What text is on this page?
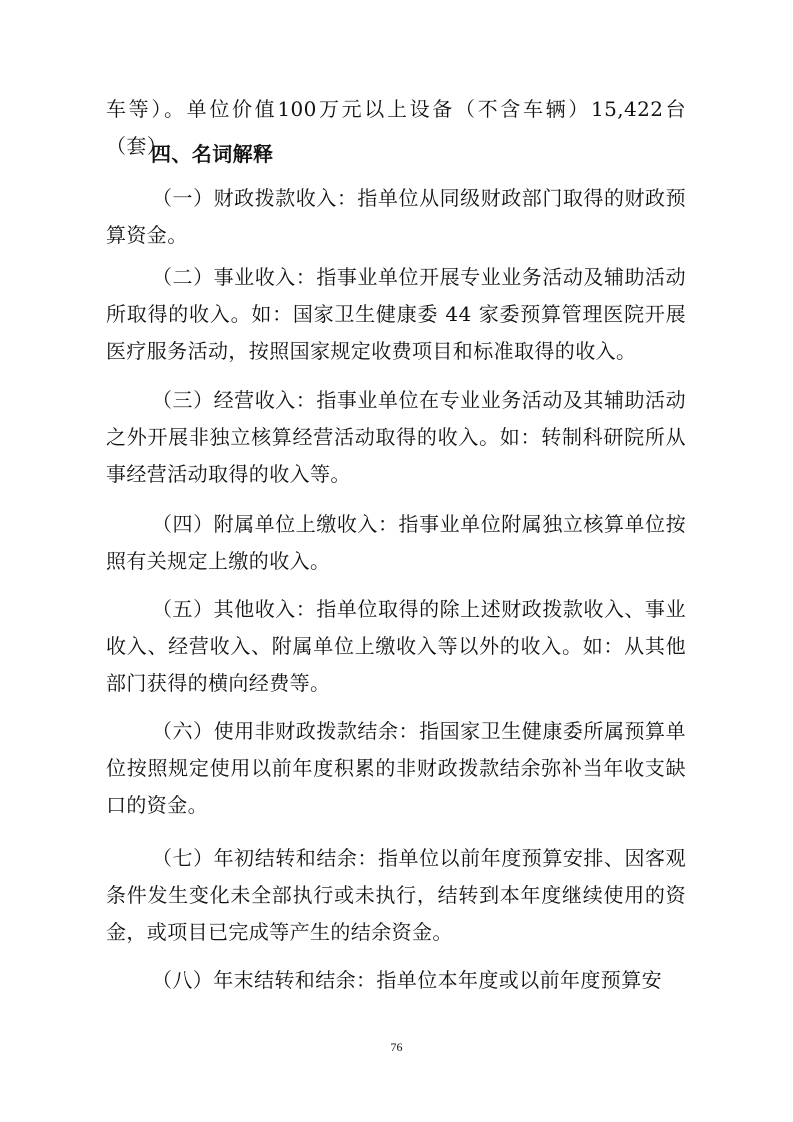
车等）。单位价值100万元以上设备（不含车辆）15,422台（套）。

四、名词解释

（一）财政拨款收入：指单位从同级财政部门取得的财政预算资金。

（二）事业收入：指事业单位开展专业业务活动及辅助活动所取得的收入。如：国家卫生健康委 44 家委预算管理医院开展医疗服务活动，按照国家规定收费项目和标准取得的收入。

（三）经营收入：指事业单位在专业业务活动及其辅助活动之外开展非独立核算经营活动取得的收入。如：转制科研院所从事经营活动取得的收入等。

（四）附属单位上缴收入：指事业单位附属独立核算单位按照有关规定上缴的收入。

（五）其他收入：指单位取得的除上述财政拨款收入、事业收入、经营收入、附属单位上缴收入等以外的收入。如：从其他部门获得的横向经费等。

（六）使用非财政拨款结余：指国家卫生健康委所属预算单位按照规定使用以前年度积累的非财政拨款结余弥补当年收支缺口的资金。

（七）年初结转和结余：指单位以前年度预算安排、因客观条件发生变化未全部执行或未执行，结转到本年度继续使用的资金，或项目已完成等产生的结余资金。

（八）年末结转和结余：指单位本年度或以前年度预算安

76
